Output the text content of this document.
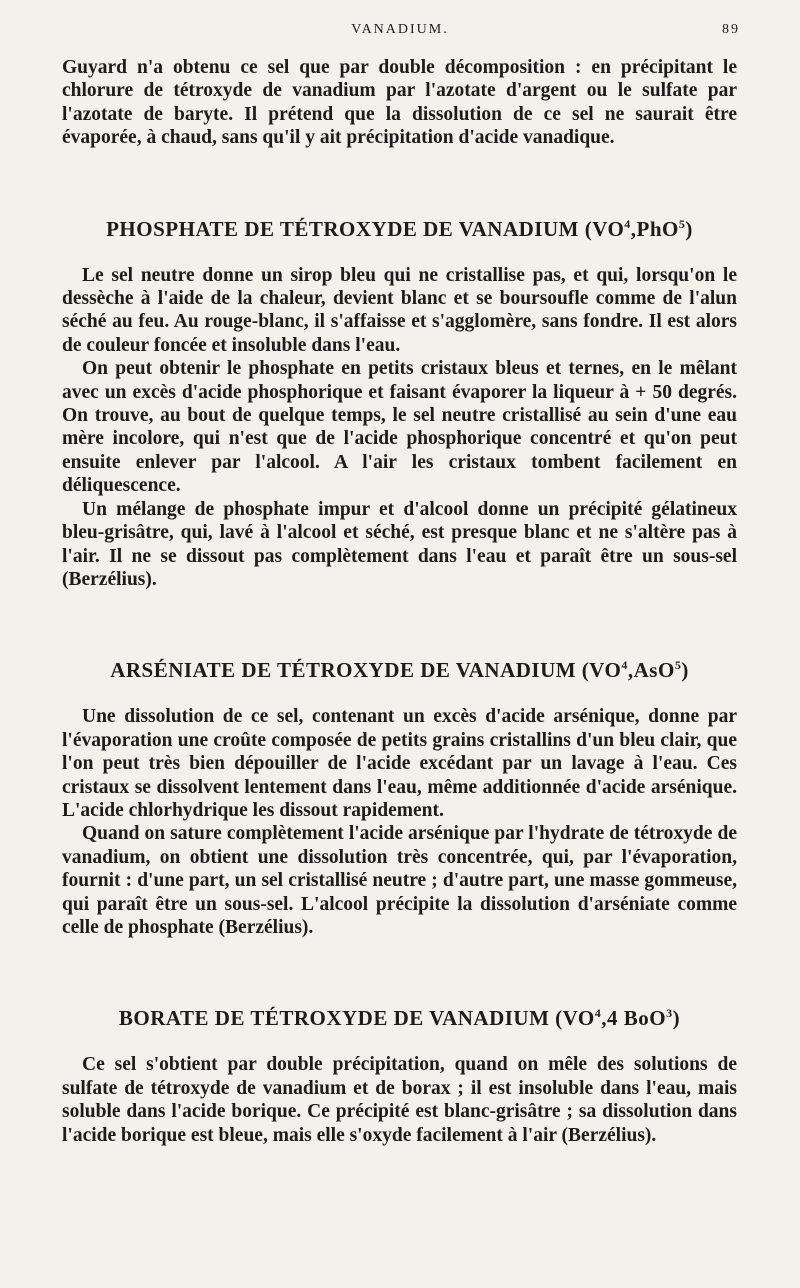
VANADIUM.	89

Guyard n'a obtenu ce sel que par double décomposition : en précipitant le chlorure de tétroxyde de vanadium par l'azotate d'argent ou le sulfate par l'azotate de baryte. Il prétend que la dissolution de ce sel ne saurait être évaporée, à chaud, sans qu'il y ait précipitation d'acide vanadique.

PHOSPHATE DE TÉTROXYDE DE VANADIUM $(VO^4,PhO^5)$

Le sel neutre donne un sirop bleu qui ne cristallise pas, et qui, lorsqu'on le dessèche à l'aide de la chaleur, devient blanc et se boursoufle comme de l'alun séché au feu. Au rouge-blanc, il s'affaisse et s'agglomère, sans fondre. Il est alors de couleur foncée et insoluble dans l'eau.

On peut obtenir le phosphate en petits cristaux bleus et ternes, en le mêlant avec un excès d'acide phosphorique et faisant évaporer la liqueur à + 50 degrés. On trouve, au bout de quelque temps, le sel neutre cristallisé au sein d'une eau mère incolore, qui n'est que de l'acide phosphorique concentré et qu'on peut ensuite enlever par l'alcool. A l'air les cristaux tombent facilement en déliquescence.

Un mélange de phosphate impur et d'alcool donne un précipité gélatineux bleu-grisâtre, qui, lavé à l'alcool et séché, est presque blanc et ne s'altère pas à l'air. Il ne se dissout pas complètement dans l'eau et paraît être un sous-sel (Berzélius).

ARSÉNIATE DE TÉTROXYDE DE VANADIUM $(VO^4,AsO^5)$

Une dissolution de ce sel, contenant un excès d'acide arsénique, donne par l'évaporation une croûte composée de petits grains cristallins d'un bleu clair, que l'on peut très bien dépouiller de l'acide excédant par un lavage à l'eau. Ces cristaux se dissolvent lentement dans l'eau, même additionnée d'acide arsénique. L'acide chlorhydrique les dissout rapidement.

Quand on sature complètement l'acide arsénique par l'hydrate de tétroxyde de vanadium, on obtient une dissolution très concentrée, qui, par l'évaporation, fournit : d'une part, un sel cristallisé neutre ; d'autre part, une masse gommeuse, qui paraît être un sous-sel. L'alcool précipite la dissolution d'arséniate comme celle de phosphate (Berzélius).

BORATE DE TÉTROXYDE DE VANADIUM ($VO^4,4$ BoO$^3$)

Ce sel s'obtient par double précipitation, quand on mêle des solutions de sulfate de tétroxyde de vanadium et de borax ; il est insoluble dans l'eau, mais soluble dans l'acide borique. Ce précipité est blanc-grisâtre ; sa dissolution dans l'acide borique est bleue, mais elle s'oxyde facilement à l'air (Berzélius).
